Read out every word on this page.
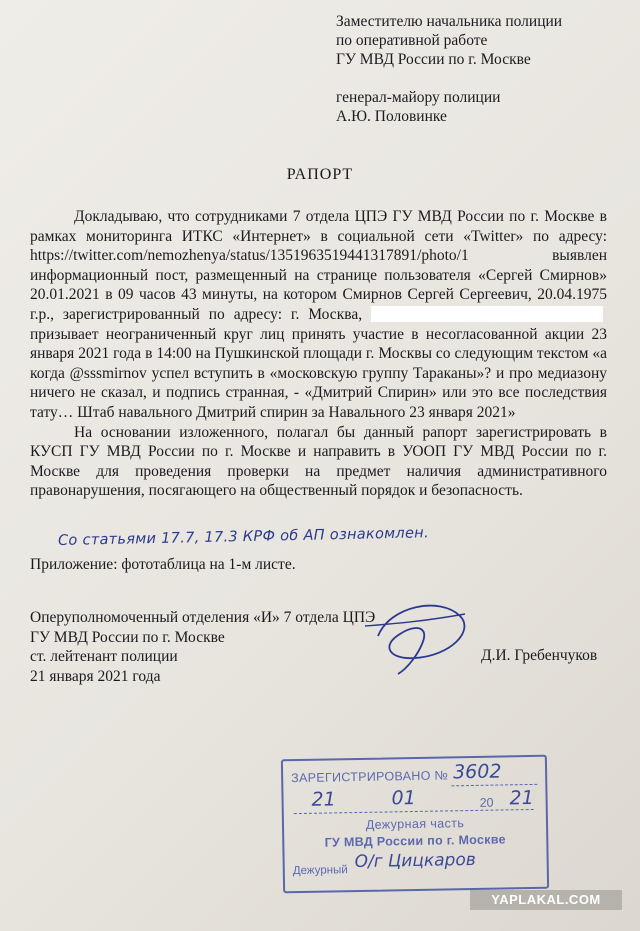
Заместителю начальника полиции
по оперативной работе
ГУ МВД России по г. Москве
генерал-майору полиции
А.Ю. Половинке
РАПОРТ

Докладываю, что сотрудниками 7 отдела ЦПЭ ГУ МВД России по г. Москве в рамках мониторинга ИТКС «Интернет» в социальной сети «Twitter» по адресу: https://twitter.com/nemozhenya/status/1351963519441317891/photo/1 выявлен информационный пост, размещенный на странице пользователя «Сергей Смирнов» 20.01.2021 в 09 часов 43 минуты, на котором Смирнов Сергей Сергеевич, 20.04.1975 г.р., зарегистрированный по адресу: г. Москва,  призывает неограниченный круг лиц принять участие в несогласованной акции 23 января 2021 года в 14:00 на Пушкинской площади г. Москвы со следующим текстом «а когда @sssmirnov успел вступить в «московскую группу Тараканы»? и про медиазону ничего не сказал, и подпись странная, - «Дмитрий Спирин» или это все последствия тату… Штаб навального Дмитрий спирин за Навального 23 января 2021»

На основании изложенного, полагал бы данный рапорт зарегистрировать в КУСП ГУ МВД России по г. Москве и направить в УООП ГУ МВД России по г. Москве для проведения проверки на предмет наличия административного правонарушения, посягающего на общественный порядок и безопасность.

Со статьями 17.7, 17.3 КРФ об АП ознакомлен.
Приложение: фототаблица на 1-м листе.
Оперуполномоченный отделения «И» 7 отдела ЦПЭ
ГУ МВД России по г. Москве
ст. лейтенант полиции
21 января 2021 года
Д.И. Гребенчуков
ЗАРЕГИСТРИРОВАНО № 3602
21	01	20 21
Дежурная часть
ГУ МВД России по г. Москве
Дежурный О/г Цицкаров
YAPLAKAL.COM
